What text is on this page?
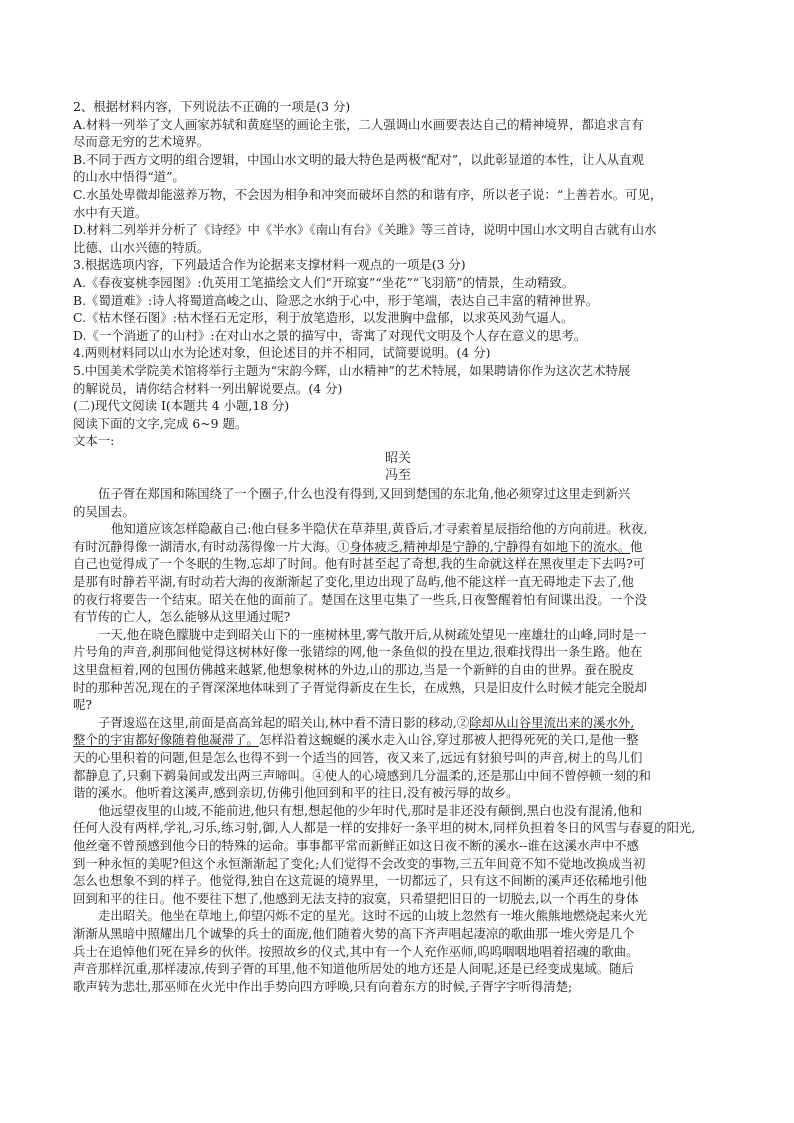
2、根据材料内容，下列说法不正确的一项是(3 分)
A.材料一列举了文人画家苏轼和黄庭坚的画论主张，二人强调山水画要表达自己的精神境界，都追求言有
尽而意无穷的艺术境界。
B.不同于西方文明的组合逻辑，中国山水文明的最大特色是两极“配对”，以此彰显道的本性，让人从直观
的山水中悟得“道”。
C.水虽处卑微却能滋养万物，不会因为相争和冲突而破坏自然的和谐有序，所以老子说：“上善若水。可见，
水中有天道。
D.材料二列举并分析了《诗经》中《半水》《南山有台》《关雎》等三首诗，说明中国山水文明自古就有山水
比德、山水兴德的特质。
3.根据选项内容，下列最适合作为论据来支撑材料一观点的一项是(3 分)
A.《春夜宴桃李园图》:仇英用工笔描绘文人们“开琼宴”“坐花”“飞羽筋”的情景，生动精致。
B.《蜀道难》:诗人将蜀道高峻之山、险恶之水纳于心中，形于笔端，表达自己丰富的精神世界。
C.《枯木怪石图》:枯木怪石无定形，利于放笔造形，以发泄胸中盘郁，以求英风劲气逼人。
D.《一个消逝了的山村》:在对山水之景的描写中，寄寓了对现代文明及个人存在意义的思考。
4.两则材料同以山水为论述对象，但论述目的并不相同，试简要说明。(4 分)
5.中国美术学院美术馆将举行主题为“宋韵今辉，山水精神”的艺术特展，如果聘请你作为这次艺术特展
的解说员，请你结合材料一列出解说要点。(4 分)
(二)现代文阅读 I(本题共 4 小题,18 分)
阅读下面的文字,完成 6~9 题。
文本一:
昭关
冯至
伍子胥在郑国和陈国绕了一个圈子,什么也没有得到,又回到楚国的东北角,他必须穿过这里走到新兴
的吴国去。
他知道应该怎样隐蔽自己:他白昼多半隐伏在草莽里,黄昏后,才寻索着星辰指给他的方向前进。秋夜,
有时沉静得像一湖清水,有时动荡得像一片大海。①身体疲乏,精神却是宁静的,宁静得有如地下的流水。他
自己也觉得成了一个冬眠的生物,忘却了时间。他有时甚至起了奇想,我的生命就这样在黑夜里走下去吗?可
是那有时静若平湖,有时动若大海的夜渐渐起了变化,里边出现了岛屿,他不能这样一直无碍地走下去了,他
的夜行将要告一个结束。昭关在他的面前了。楚国在这里屯集了一些兵,日夜警醒着怕有间谍出没。一个没
有节传的亡人，怎么能够从这里通过呢?
一天,他在晓色朦胧中走到昭关山下的一座树林里,雾气散开后,从树疏处望见一座雄壮的山峰,同时是一
片号角的声音,刹那间他觉得这树林好像一张错综的网,他一条鱼似的投在里边,很难找得出一条生路。他在
这里盘桓着,网的包围仿佛越来越紧,他想象树林的外边,山的那边,当是一个新鲜的自由的世界。蚕在脱皮
时的那种苦况,现在的子胥深深地体味到了子胥觉得新皮在生长，在成熟，只是旧皮什么时候才能完全脱却
呢?
子胥逡巡在这里,前面是高高耸起的昭关山,林中看不清日影的移动,②除却从山谷里流出来的溪水外,
整个的宇宙都好像随着他凝滞了。怎样沿着这蜿蜒的溪水走入山谷,穿过那被人把得死死的关口,是他一整
天的心里积着的问题,但是怎么也得不到一个适当的回答，夜又来了,远远有豺狼号叫的声音,树上的鸟儿们
都静息了,只剩下鹈枭间或发出两三声啼叫。④使人的心境感到几分温柔的,还是那山中间不曾停顿一刻的和
谐的溪水。他听着这溪声,感到亲切,仿佛引他回到和平的往日,没有被污辱的故乡。
他远望夜里的山坡,不能前进,他只有想,想起他的少年时代,那时是非还没有颠倒,黑白也没有混淆,他和
任何人没有两样,学礼,习乐,练习射,御,人人都是一样的安排好一条平坦的树木,同样负担着冬日的风雪与春夏的阳光,
他丝毫不曾预感到他今日的特殊的运命。事事都平常而新鲜正如这日夜不断的溪水--谁在这溪水声中不感
到一种永恒的美呢?但这个永恒渐渐起了变化;人们觉得不会改变的事物,三五年间竟不知不觉地改换成当初
怎么也想象不到的样子。他觉得,独自在这荒诞的境界里，一切都远了，只有这不间断的溪声还依稀地引他
回到和平的往日。他不要往下想了,他感到无法支持的寂寞，只希望把旧日的一切脱去,以一个再生的身体
走出昭关。他坐在草地上,仰望闪烁不定的星光。这时不远的山坡上忽然有一堆火熊熊地燃烧起来火光
渐渐从黑暗中照耀出几个诚挚的兵士的面庞,他们随着火势的高下齐声唱起凄凉的歌曲那一堆火旁是几个
兵士在追悼他们死在异乡的伙伴。按照故乡的仪式,其中有一个人充作巫师,呜呜咽咽地唱着招魂的歌曲。
声音那样沉重,那样凄凉,传到子胥的耳里,他不知道他所居处的地方还是人间呢,还是已经变成鬼域。随后
歌声转为悲壮,那巫师在火光中作出手势向四方呼唤,只有向着东方的时候,子胥字字听得清楚;
